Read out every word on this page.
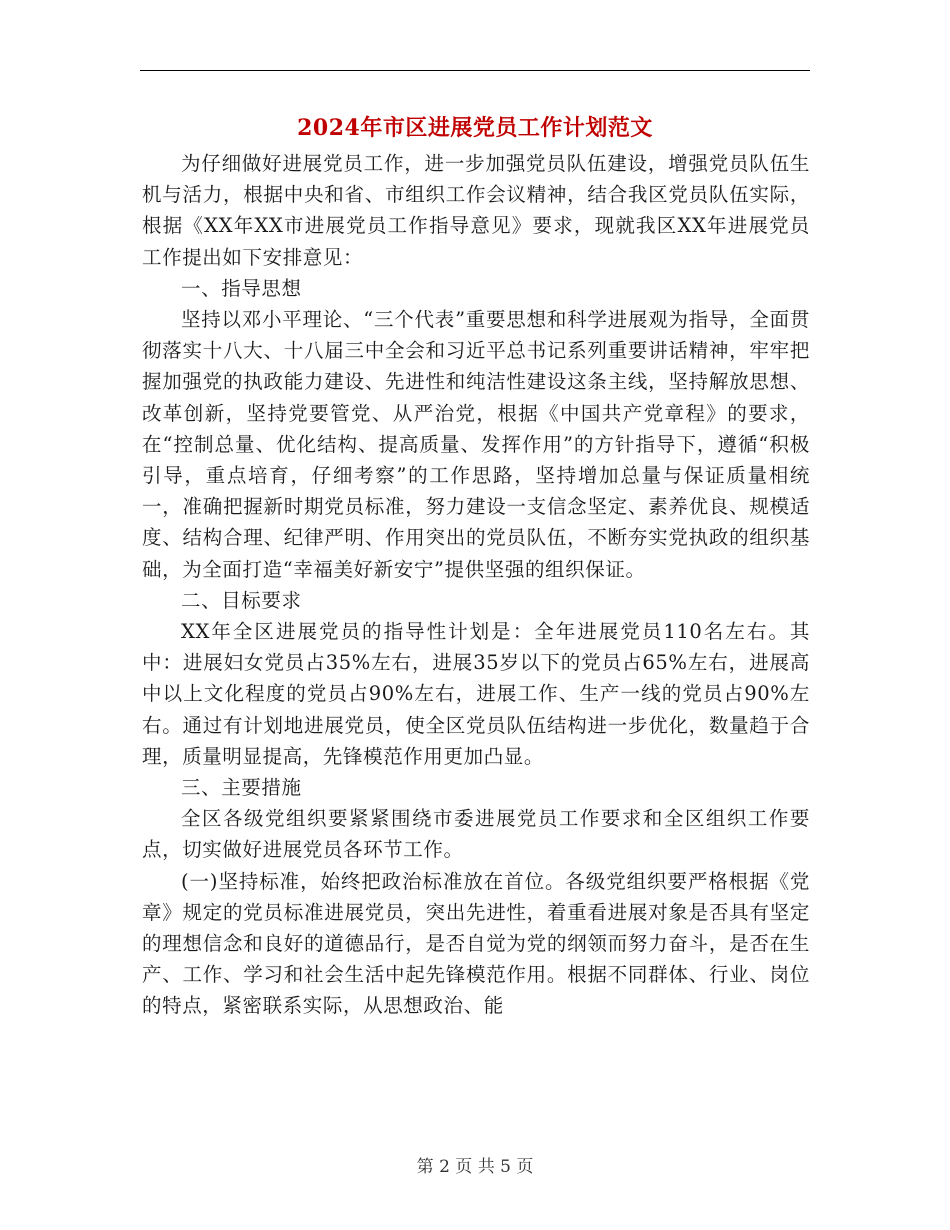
2024年市区进展党员工作计划范文

为仔细做好进展党员工作，进一步加强党员队伍建设，增强党员队伍生机与活力，根据中央和省、市组织工作会议精神，结合我区党员队伍实际，根据《XX年XX市进展党员工作指导意见》要求，现就我区XX年进展党员工作提出如下安排意见：

一、指导思想

坚持以邓小平理论、“三个代表”重要思想和科学进展观为指导，全面贯彻落实十八大、十八届三中全会和习近平总书记系列重要讲话精神，牢牢把握加强党的执政能力建设、先进性和纯洁性建设这条主线，坚持解放思想、改革创新，坚持党要管党、从严治党，根据《中国共产党章程》的要求，在“控制总量、优化结构、提高质量、发挥作用”的方针指导下，遵循“积极引导，重点培育，仔细考察”的工作思路，坚持增加总量与保证质量相统一，准确把握新时期党员标准，努力建设一支信念坚定、素养优良、规模适度、结构合理、纪律严明、作用突出的党员队伍，不断夯实党执政的组织基础，为全面打造“幸福美好新安宁”提供坚强的组织保证。

二、目标要求

XX年全区进展党员的指导性计划是：全年进展党员110名左右。其中：进展妇女党员占35%左右，进展35岁以下的党员占65%左右，进展高中以上文化程度的党员占90%左右，进展工作、生产一线的党员占90%左右。通过有计划地进展党员，使全区党员队伍结构进一步优化，数量趋于合理，质量明显提高，先锋模范作用更加凸显。

三、主要措施

全区各级党组织要紧紧围绕市委进展党员工作要求和全区组织工作要点，切实做好进展党员各环节工作。

(一)坚持标准，始终把政治标准放在首位。各级党组织要严格根据《党章》规定的党员标准进展党员，突出先进性，着重看进展对象是否具有坚定的理想信念和良好的道德品行，是否自觉为党的纲领而努力奋斗，是否在生产、工作、学习和社会生活中起先锋模范作用。根据不同群体、行业、岗位的特点，紧密联系实际，从思想政治、能

第 2 页 共 5 页
